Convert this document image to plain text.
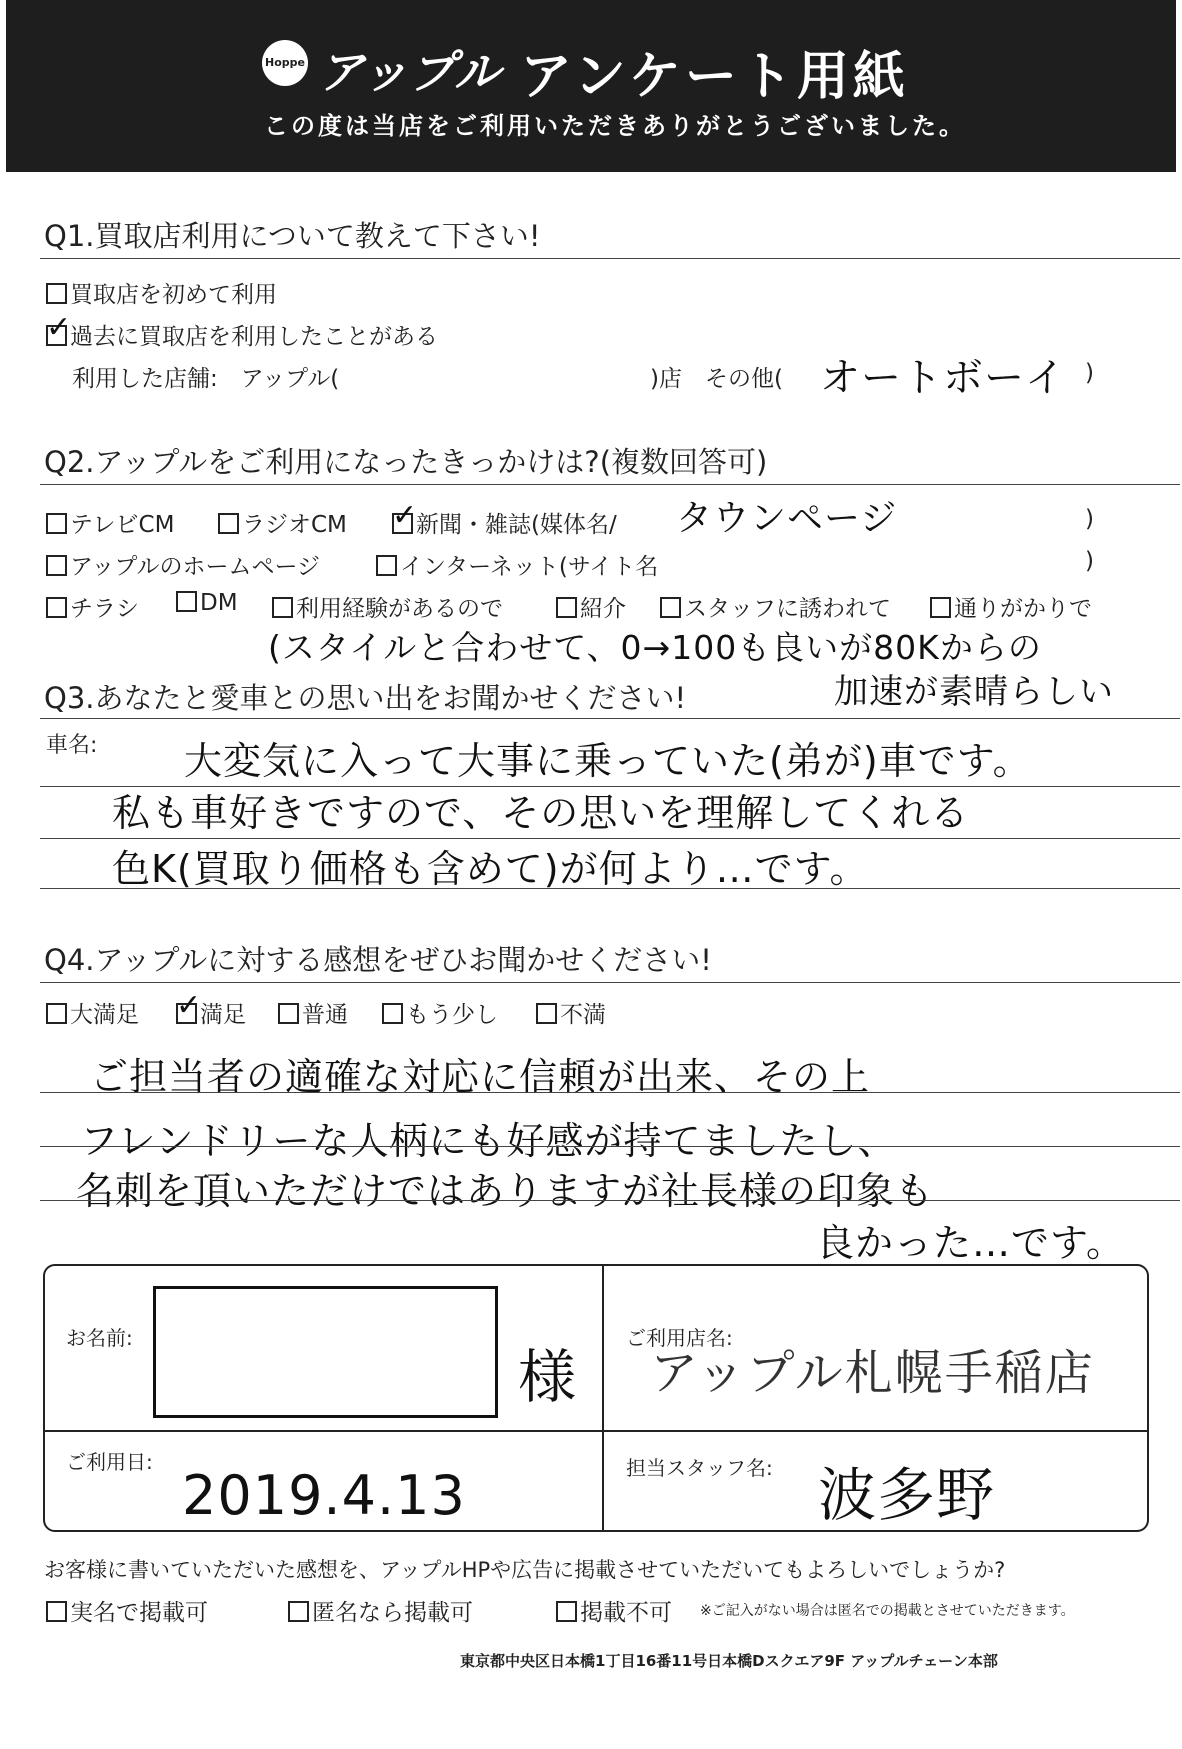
Hoppe アップル アンケート用紙
この度は当店をご利用いただきありがとうございました。
Q1.買取店利用について教えて下さい!
買取店を初めて利用
✓過去に買取店を利用したことがある
利用した店舗:　アップル(	)店　その他( オートボーイ )
Q2.アップルをご利用になったきっかけは?(複数回答可)
テレビCM	ラジオCM ✓	新聞・雑誌(媒体名/ タウンページ	)
アップルのホームページ	インターネット(サイト名	)
チラシ	DM	利用経験があるので	紹介	スタッフに誘われて	通りがかりで
(スタイルと合わせて、0→100も良いが80Kからの
Q3.あなたと愛車との思い出をお聞かせください!	加速が素晴らしい
車名: 大変気に入って大事に乗っていた(弟が)車です。
私も車好きですので、その思いを理解してくれる
色K(買取り価格も含めて)が何より…です。
Q4.アップルに対する感想をぜひお聞かせください!
大満足 ✓	満足	普通	もう少し	不満
ご担当者の適確な対応に信頼が出来、その上
フレンドリーな人柄にも好感が持てましたし、
名刺を頂いただけではありますが社長様の印象も
良かった…です。
お名前:
様
ご利用店名:
アップル札幌手稲店
ご利用日:
2019.4.13	担当スタッフ名: 波多野
お客様に書いていただいた感想を、アップルHPや広告に掲載させていただいてもよろしいでしょうか?
実名で掲載可	匿名なら掲載可	掲載不可 ※ご記入がない場合は匿名での掲載とさせていただきます。
東京都中央区日本橋1丁目16番11号日本橋Dスクエア9F アップルチェーン本部
